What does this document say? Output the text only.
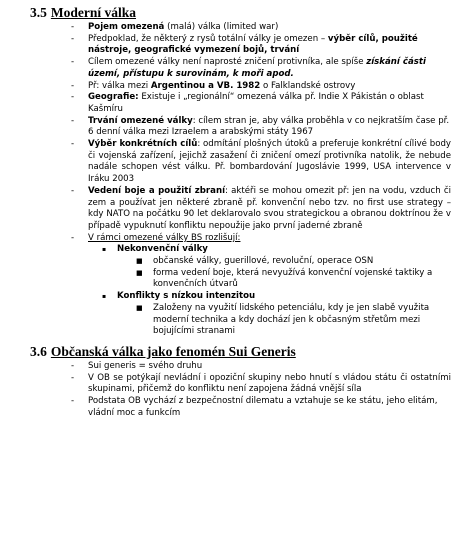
3.5 Moderní válka
- Pojem omezená (malá) válka (limited war)
- Předpoklad, že některý z rysů totální války je omezen – výběr cílů, použité nástroje, geografické vymezení bojů, trvání
- Cílem omezené války není naprosté zničení protivníka, ale spíše získání části území, přístupu k surovinám, k moři apod.
- Př: válka mezi Argentinou a VB. 1982 o Falklandské ostrovy
- Geografie: Existuje i „regionální“ omezená válka př. Indie X Pákistán o oblast Kašmíru
- Trvání omezené války: cílem stran je, aby válka proběhla v co nejkratším čase př. 6 denní válka mezi Izraelem a arabskými státy 1967
- Výběr konkrétních cílů: odmítání plošných útoků a preferuje konkrétní cílivé body či vojenská zařízení, jejichž zasažení či zničení omezí protivníka natolik, že nebude nadále schopen vést válku. Př. bombardování Jugoslávie 1999, USA intervence v Iráku 2003
- Vedení boje a použití zbraní: aktéři se mohou omezit př: jen na vodu, vzduch či zem a používat jen některé zbraně př. konvenční nebo tzv. no first use strategy – kdy NATO na počátku 90 let deklarovalo svou strategickou a obranou doktrínou že v případě vypuknutí konfliktu nepoužije jako první jaderné zbraně
- V rámci omezené války BS rozlišují:
▪ Nekonvenční války
■ občanské války, guerillové, revoluční, operace OSN
■ forma vedení boje, která nevyužívá konvenční vojenské taktiky a konvenčních útvarů
▪ Konflikty s nízkou intenzitou
■ Založeny na využití lidského petenciálu, kdy je jen slabě využita moderní technika a kdy dochází jen k občasným střetům mezi bojujícími stranami
3.6 Občanská válka jako fenomén Sui Generis
- Sui generis = svého druhu
- V OB se potýkají nevládní i opoziční skupiny nebo hnutí s vládou státu či ostatními skupinami, přičemž do konfliktu není zapojena žádná vnější síla
- Podstata OB vychází z bezpečnostní dilematu a vztahuje se ke státu, jeho elitám, vládní moc a funkcím
